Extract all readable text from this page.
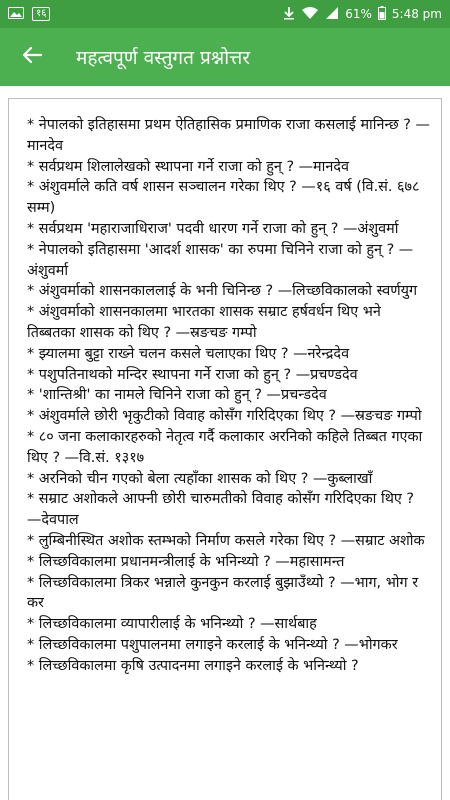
१६	61% 5:48 pm
महत्वपूर्ण वस्तुगत प्रश्नोत्तर
* नेपालको इतिहासमा प्रथम ऐतिहासिक प्रमाणिक राजा कसलाई मानिन्छ ? —मानदेव
* सर्वप्रथम शिलालेखको स्थापना गर्ने राजा को हुन्‌ ? —मानदेव
* अंशुवर्माले कति वर्ष शासन सञ्चालन गरेका थिए ? —१६ वर्ष (वि.सं. ६७८ सम्म)
* सर्वप्रथम 'महाराजाधिराज' पदवी धारण गर्ने राजा को हुन्‌ ? —अंशुवर्मा
* नेपालको इतिहासमा 'आदर्श शासक' का रुपमा चिनिने राजा को हुन्‌ ? —अंशुवर्मा
* अंशुवर्माको शासनकाललाई के भनी चिनिन्छ ? —लिच्छविकालको स्वर्णयुग
* अंशुवर्माको शासनकालमा भारतका शासक सम्राट हर्षवर्धन थिए भने तिब्बतका शासक को थिए ? —स्रङचङ गम्पो
* झ्यालमा बुट्टा राख्ने चलन कसले चलाएका थिए ? —नरेन्द्रदेव
* पशुपतिनाथको मन्दिर स्थापना गर्ने राजा को हुन्‌ ? —प्रचण्डदेव
* 'शान्तिश्री' का नामले चिनिने राजा को हुन्‌ ? —प्रचन्डदेव
* अंशुवर्माले छोरी भृकुटीको विवाह कोसँग गरिदिएका थिए ? —स्रङचङ गम्पो
* ८० जना कलाकारहरुको नेतृत्व गर्दै कलाकार अरनिको कहिले तिब्बत गएका थिए ? —वि.सं. १३१७
* अरनिको चीन गएको बेला त्यहाँका शासक को थिए ? —कुब्लाखाँ
* सम्राट अशोकले आफ्नी छोरी चारुमतीको विवाह कोसँग गरिदिएका थिए ? —देवपाल
* लुम्बिनीस्थित अशोक स्तम्भको निर्माण कसले गरेका थिए ? —सम्राट अशोक
* लिच्छविकालमा प्रधानमन्त्रीलाई के भनिन्थ्यो ? —महासामन्त
* लिच्छविकालमा त्रिकर भन्नाले कुनकुन करलाई बुझाउँथ्यो ? —भाग, भोग र कर
* लिच्छविकालमा व्यापारीलाई के भनिन्थ्यो ? —सार्थबाह
* लिच्छविकालमा पशुपालनमा लगाइने करलाई के भनिन्थ्यो ? —भोगकर
* लिच्छविकालमा कृषि उत्पादनमा लगाइने करलाई के भनिन्थ्यो ?
